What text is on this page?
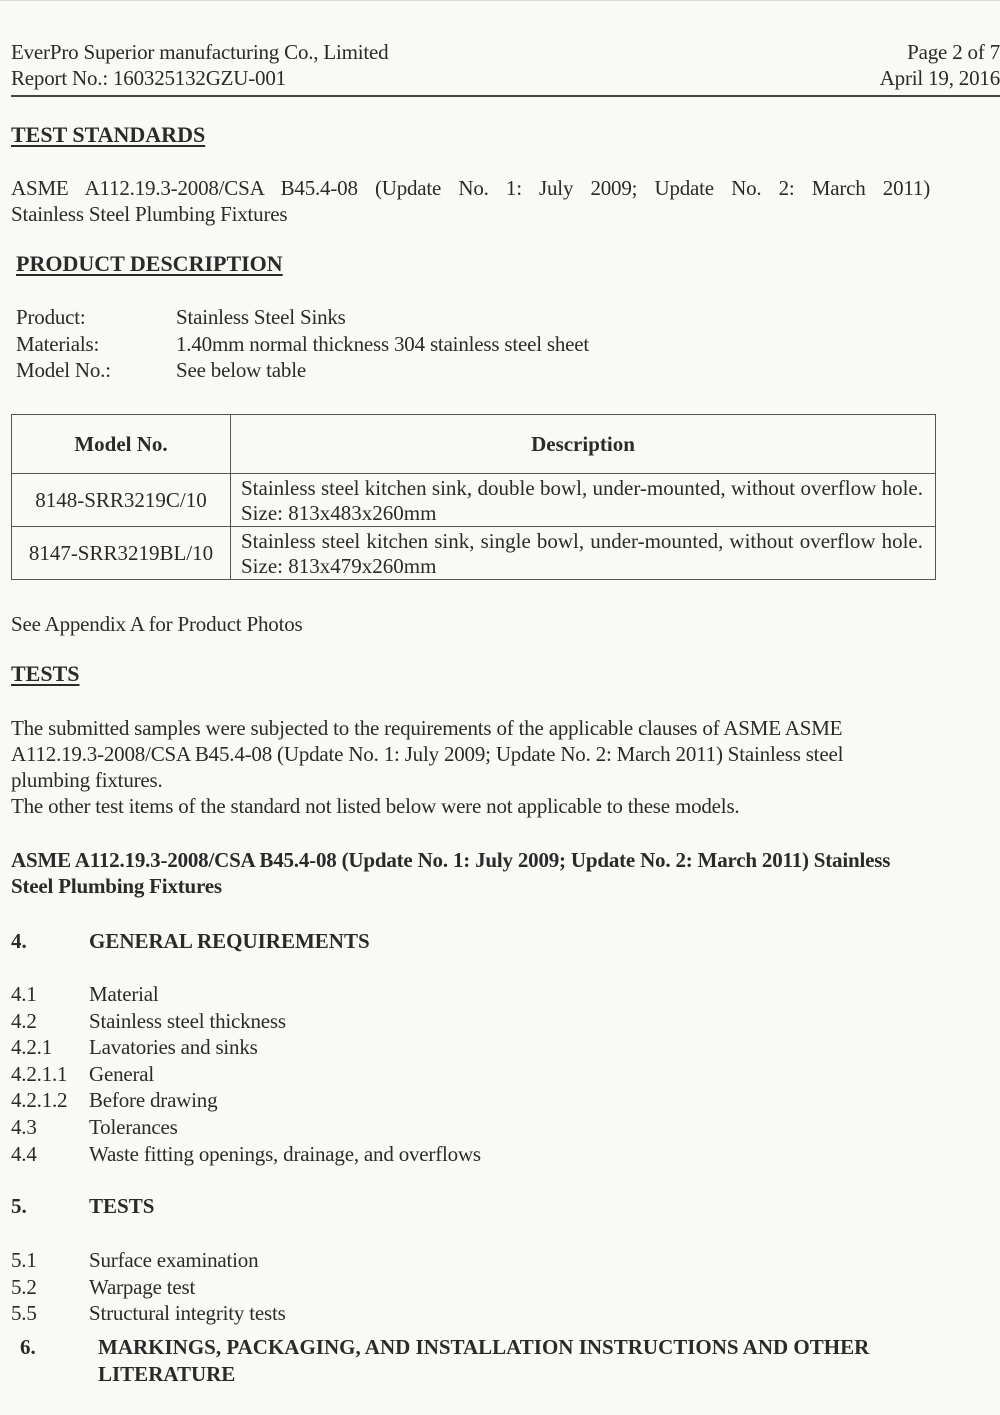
EverPro Superior manufacturing Co., Limited
Report No.: 160325132GZU-001
Page 2 of 7
April 19, 2016
TEST STANDARDS
ASME A112.19.3-2008/CSA B45.4-08 (Update No. 1: July 2009; Update No. 2: March 2011)
Stainless Steel Plumbing Fixtures
PRODUCT DESCRIPTION
Product:	Stainless Steel Sinks
Materials:	1.40mm normal thickness 304 stainless steel sheet
Model No.:	See below table
Model No.	Description
8148-SRR3219C/10	Stainless steel kitchen sink, double bowl, under-mounted, without overflow hole. Size: 813x483x260mm
8147-SRR3219BL/10	Stainless steel kitchen sink, single bowl, under-mounted, without overflow hole. Size: 813x479x260mm
See Appendix A for Product Photos
TESTS
The submitted samples were subjected to the requirements of the applicable clauses of ASME ASME
A112.19.3-2008/CSA B45.4-08 (Update No. 1: July 2009; Update No. 2: March 2011) Stainless steel
plumbing fixtures.
The other test items of the standard not listed below were not applicable to these models.
ASME A112.19.3-2008/CSA B45.4-08 (Update No. 1: July 2009; Update No. 2: March 2011) Stainless
Steel Plumbing Fixtures
4.	GENERAL REQUIREMENTS
4.1 Material
4.2 Stainless steel thickness
4.2.1 Lavatories and sinks
4.2.1.1 General
4.2.1.2 Before drawing
4.3 Tolerances
4.4 Waste fitting openings, drainage, and overflows
5.	TESTS
5.1 Surface examination
5.2 Warpage test
5.5 Structural integrity tests
6.	MARKINGS, PACKAGING, AND INSTALLATION INSTRUCTIONS AND OTHER
LITERATURE
